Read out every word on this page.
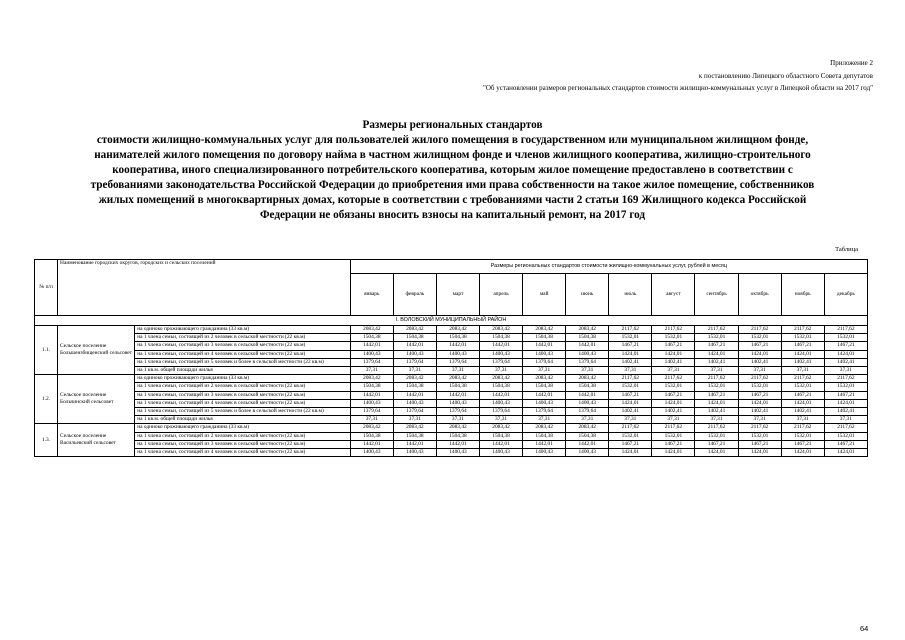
Приложение 2
к постановлению Липецкого областного Совета депутатов
"Об установлении размеров региональных стандартов стоимости жилищно-коммунальных услуг в Липецкой области на 2017 год"
Размеры региональных стандартов
стоимости жилищно-коммунальных услуг для пользователей жилого помещения в государственном или муниципальном жилищном фонде,
нанимателей жилого помещения по договору найма в частном жилищном фонде и членов жилищного кооператива, жилищно-строительного
кооператива, иного специализированного потребительского кооператива, которым жилое помещение предоставлено в соответствии с
требованиями законодательства Российской Федерации до приобретения ими права собственности на такое жилое помещение, собственников
жилых помещений в многоквартирных домах, которые в соответствии с требованиями части 2 статьи 169 Жилищного кодекса Российской
Федерации не обязаны вносить взносы на капитальный ремонт, на 2017 год
Таблица
№ п/п	Наименование городских округов, городских и сельских поселений		Размеры региональных стандартов стоимости жилищно-коммунальных услуг, рублей в месяц											
			январь	февраль	март	апрель	май	июнь	июль	август	сентябрь	октябрь	ноябрь	декабрь
I. ВОЛОВСКИЙ МУНИЦИПАЛЬНЫЙ РАЙОН														
1.1.	Сельское поселение Большеизбищенский сельсовет	на одиноко проживающего гражданина (33 кв.м)	2083,42	2083,42	2083,42	2083,42	2083,42	2083,42	2117,62	2117,62	2117,62	2117,62	2117,62	2117,62
		на 1 члена семьи, состоящей из 2 человек в сельской местности (22 кв.м)	1504,38	1504,38	1504,38	1504,38	1504,38	1504,38	1532,01	1532,01	1532,01	1532,01	1532,01	1532,01
		на 1 члена семьи, состоящей из 3 человек в сельской местности (22 кв.м)	1442,01	1442,01	1442,01	1442,01	1442,01	1442,01	1467,21	1467,21	1467,21	1467,21	1467,21	1467,21
		на 1 члена семьи, состоящей из 4 человек в сельской местности (22 кв.м)	1400,43	1400,43	1400,43	1400,43	1400,43	1400,43	1424,01	1424,01	1424,01	1424,01	1424,01	1424,01
		на 1 члена семьи, состоящей из 5 человек и более в сельской местности (22 кв.м)	1379,64	1379,64	1379,64	1379,64	1379,64	1379,64	1402,41	1402,41	1402,41	1402,41	1402,41	1402,41
		на 1 кв.м. общей площади жилья	37,31	37,31	37,31	37,31	37,31	37,31	37,31	37,31	37,31	37,31	37,31	37,31
1.2.	Сельское поселение Больчинский сельсовет	на одиноко проживающего гражданина (33 кв.м)	2083,42	2083,42	2083,42	2083,42	2083,42	2083,42	2117,62	2117,62	2117,62	2117,62	2117,62	2117,62
		на 1 члена семьи, состоящей из 2 человек в сельской местности (22 кв.м)	1504,38	1504,38	1504,38	1504,38	1504,38	1504,38	1532,01	1532,01	1532,01	1532,01	1532,01	1532,01
		на 1 члена семьи, состоящей из 3 человек в сельской местности (22 кв.м)	1442,01	1442,01	1442,01	1442,01	1442,01	1442,01	1467,21	1467,21	1467,21	1467,21	1467,21	1467,21
		на 1 члена семьи, состоящей из 4 человек в сельской местности (22 кв.м)	1400,43	1400,43	1400,43	1400,43	1400,43	1400,43	1424,01	1424,01	1424,01	1424,01	1424,01	1424,01
		на 1 члена семьи, состоящей из 5 человек и более в сельской местности (22 кв.м)	1379,64	1379,64	1379,64	1379,64	1379,64	1379,64	1402,41	1402,41	1402,41	1402,41	1402,41	1402,41
		на 1 кв.м. общей площади жилья	37,31	37,31	37,31	37,31	37,31	37,31	37,31	37,31	37,31	37,31	37,31	37,31
1.3.	Сельское поселение Васильевский сельсовет	на одиноко проживающего гражданина (33 кв.м)	2083,42	2083,42	2083,42	2083,42	2083,42	2083,42	2117,62	2117,62	2117,62	2117,62	2117,62	2117,62
		на 1 члена семьи, состоящей из 2 человек в сельской местности (22 кв.м)	1504,38	1504,38	1504,38	1504,38	1504,38	1504,38	1532,01	1532,01	1532,01	1532,01	1532,01	1532,01
		на 1 члена семьи, состоящей из 3 человек в сельской местности (22 кв.м)	1442,01	1442,01	1442,01	1442,01	1442,01	1442,01	1467,21	1467,21	1467,21	1467,21	1467,21	1467,21
		на 1 члена семьи, состоящей из 4 человек в сельской местности (22 кв.м)	1400,43	1400,43	1400,43	1400,43	1400,43	1400,43	1424,01	1424,01	1424,01	1424,01	1424,01	1424,01
64
